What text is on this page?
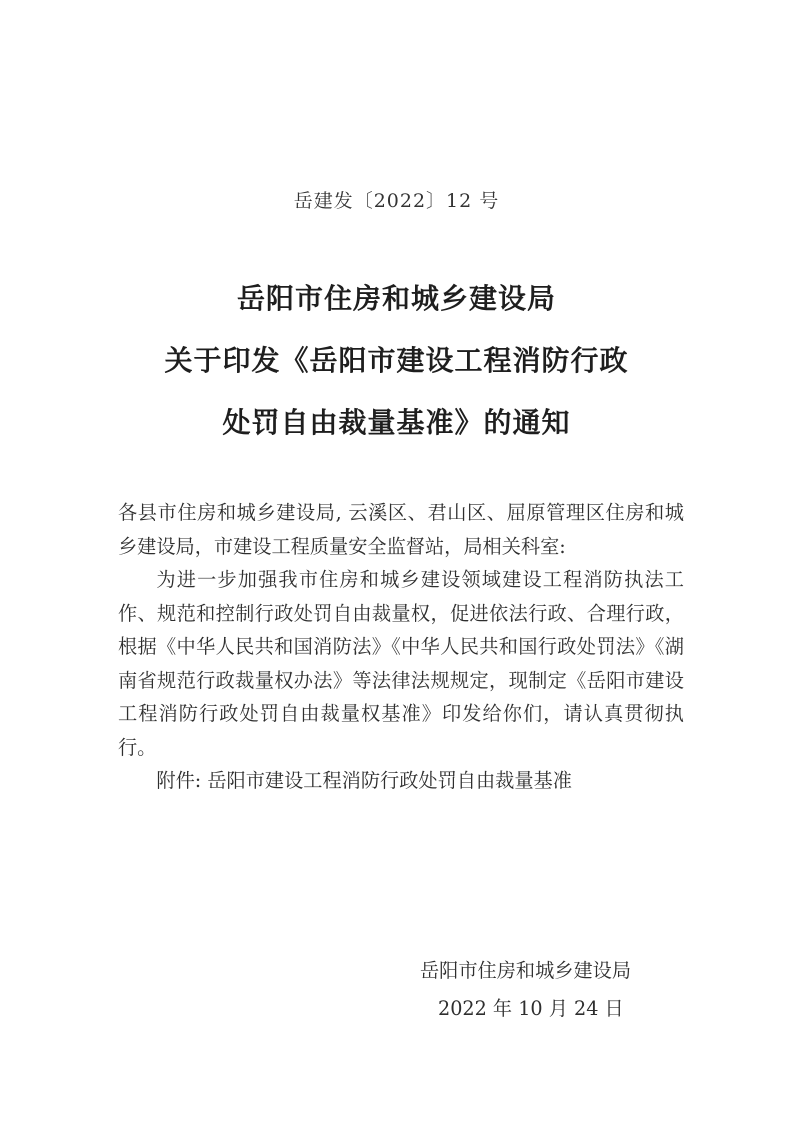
岳建发〔2022〕12 号
岳阳市住房和城乡建设局
关于印发《岳阳市建设工程消防行政
处罚自由裁量基准》的通知

各县市住房和城乡建设局, 云溪区、君山区、屈原管理区住房和城乡建设局，市建设工程质量安全监督站，局相关科室:

为进一步加强我市住房和城乡建设领域建设工程消防执法工作、规范和控制行政处罚自由裁量权，促进依法行政、合理行政，根据《中华人民共和国消防法》《中华人民共和国行政处罚法》《湖南省规范行政裁量权办法》等法律法规规定，现制定《岳阳市建设工程消防行政处罚自由裁量权基准》印发给你们，请认真贯彻执行。

附件: 岳阳市建设工程消防行政处罚自由裁量基准

岳阳市住房和城乡建设局
2022 年 10 月 24 日
